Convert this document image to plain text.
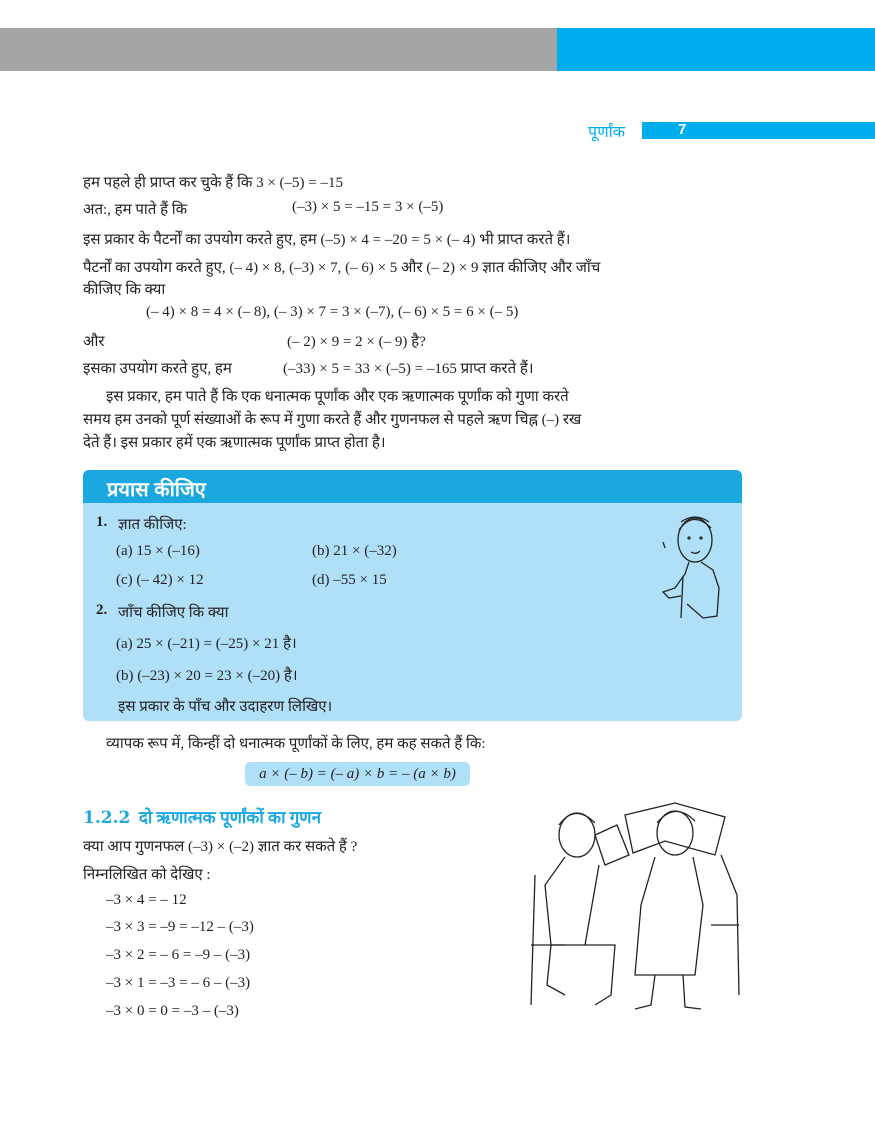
पूर्णांक	7
हम पहले ही प्राप्त कर चुके हैं कि 3 × (–5) = –15
अत:, हम पाते हैं कि	(–3) × 5 = –15 = 3 × (–5)
इस प्रकार के पैटर्नों का उपयोग करते हुए, हम (–5) × 4 = –20 = 5 × (– 4) भी प्राप्त करते हैं।
पैटर्नों का उपयोग करते हुए, (– 4) × 8, (–3) × 7, (– 6) × 5 और (– 2) × 9 ज्ञात कीजिए और जाँच
कीजिए कि क्या
(– 4) × 8 = 4 × (– 8), (– 3) × 7 = 3 × (–7), (– 6) × 5 = 6 × (– 5)
और	(– 2) × 9 = 2 × (– 9) है?
इसका उपयोग करते हुए, हम	(–33) × 5 = 33 × (–5) = –165 प्राप्त करते हैं।
इस प्रकार, हम पाते हैं कि एक धनात्मक पूर्णांक और एक ऋणात्मक पूर्णांक को गुणा करते
समय हम उनको पूर्ण संख्याओं के रूप में गुणा करते हैं और गुणनफल से पहले ऋण चिह्न (–) रख
देते हैं। इस प्रकार हमें एक ऋणात्मक पूर्णांक प्राप्त होता है।
प्रयास कीजिए
1. ज्ञात कीजिए:
(a) 15 × (–16)	(b) 21 × (–32)
(c) (– 42) × 12	(d) –55 × 15
2. जाँच कीजिए कि क्या
(a) 25 × (–21) = (–25) × 21 है।
(b) (–23) × 20 = 23 × (–20) है।
इस प्रकार के पाँच और उदाहरण लिखिए।
व्यापक रूप में, किन्हीं दो धनात्मक पूर्णांकों के लिए, हम कह सकते हैं कि:
a × (– b) = (– a) × b = – (a × b)
1.2.2 दो ऋणात्मक पूर्णांकों का गुणन
क्या आप गुणनफल (–3) × (–2) ज्ञात कर सकते हैं ?
निम्नलिखित को देखिए :
–3 × 4 = – 12
–3 × 3 = –9 = –12 – (–3)
–3 × 2 = – 6 = –9 – (–3)
–3 × 1 = –3 = – 6 – (–3)
–3 × 0 = 0 = –3 – (–3)
